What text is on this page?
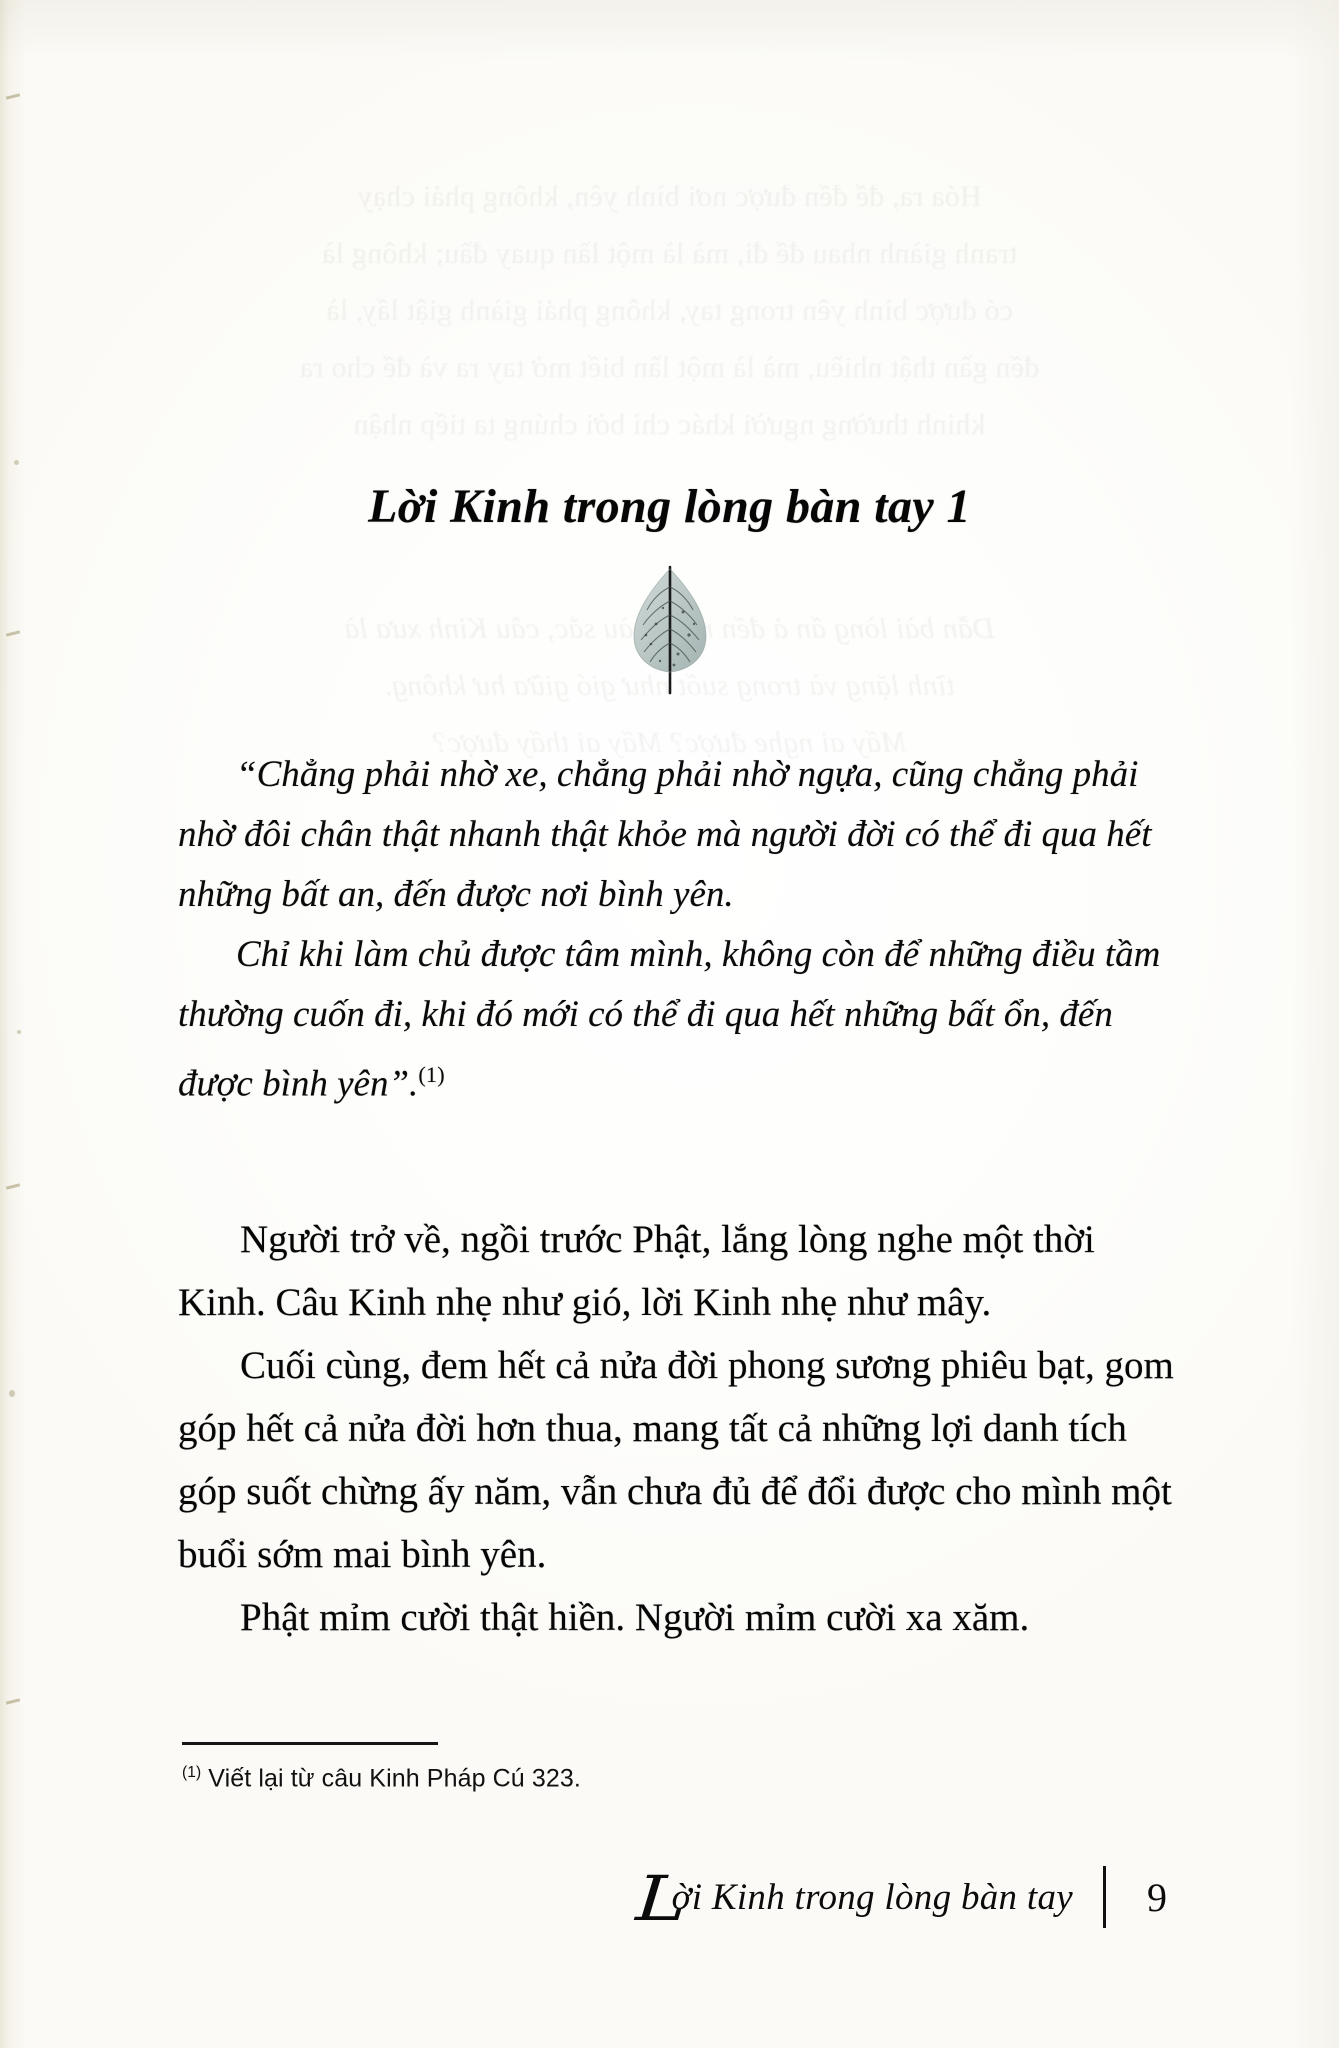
Hóa ra, để đến được nơi bình yên, không phải chạy
tranh giành nhau để đi, mà là một lần quay đầu; không là
có được bình yên trong tay, không phải giành giật lấy, là
đến gần thật nhiều, mà là một lần biết mở tay ra và để cho ra
khinh thường người khác chỉ bởi chúng ta tiếp nhận
Dẫn bài lòng ấn ả đến màu sắc, câu Kinh xưa là
tĩnh lặng và trong suốt như gió giữa hư không.
Mấy ai nghe được? Mấy ai thấy được?
Lời Kinh trong lòng bàn tay 1

“Chẳng phải nhờ xe, chẳng phải nhờ ngựa, cũng chẳng phải nhờ đôi chân thật nhanh thật khỏe mà người đời có thể đi qua hết những bất an, đến được nơi bình yên.

Chỉ khi làm chủ được tâm mình, không còn để những điều tầm thường cuốn đi, khi đó mới có thể đi qua hết những bất ổn, đến được bình yên”.$^{(1)}$

Người trở về, ngồi trước Phật, lắng lòng nghe một thời Kinh. Câu Kinh nhẹ như gió, lời Kinh nhẹ như mây.

Cuối cùng, đem hết cả nửa đời phong sương phiêu bạt, gom góp hết cả nửa đời hơn thua, mang tất cả những lợi danh tích góp suốt chừng ấy năm, vẫn chưa đủ để đổi được cho mình một buổi sớm mai bình yên.

Phật mỉm cười thật hiền. Người mỉm cười xa xăm.

$^{(1)}$ Viết lại từ câu Kinh Pháp Cú 323.
Lời Kinh trong lòng bàn tay	9
